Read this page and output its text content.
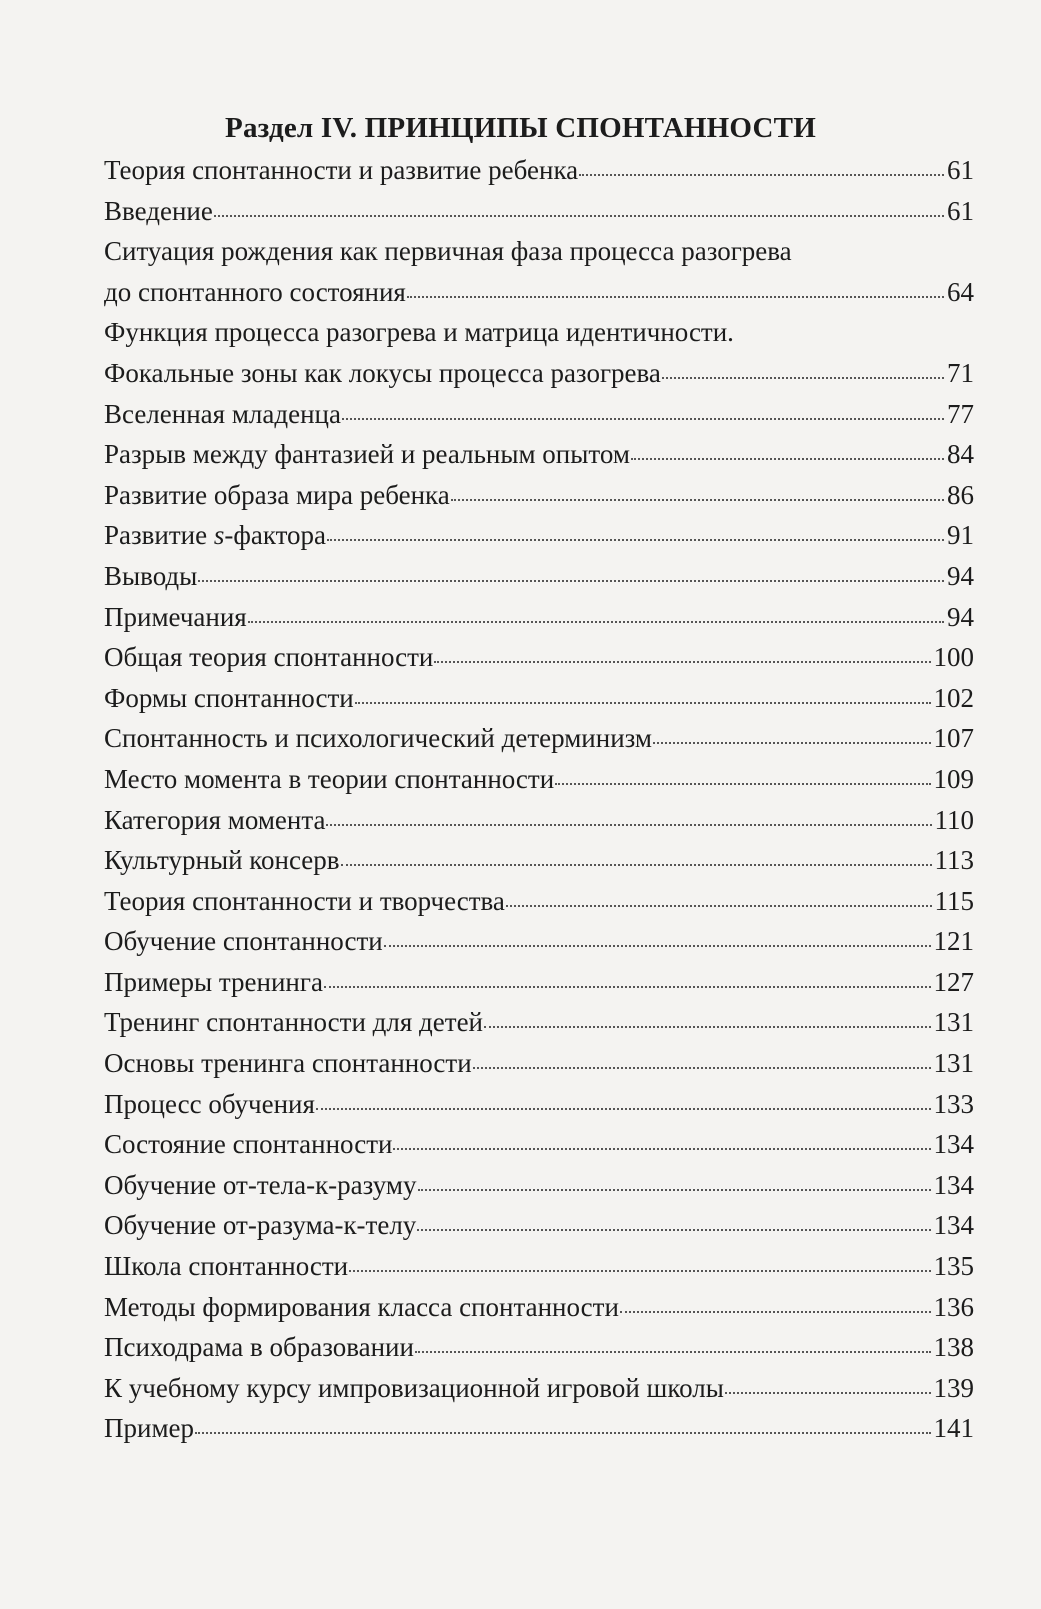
Раздел IV. ПРИНЦИПЫ СПОНТАННОСТИ
Теория спонтанности и развитие ребенка	61
Введение	61
Ситуация рождения как первичная фаза процесса разогрева
до спонтанного состояния	64
Функция процесса разогрева и матрица идентичности.
Фокальные зоны как локусы процесса разогрева	71
Вселенная младенца	77
Разрыв между фантазией и реальным опытом	84
Развитие образа мира ребенка	86
Развитие s-фактора	91
Выводы	94
Примечания	94
Общая теория спонтанности	100
Формы спонтанности	102
Спонтанность и психологический детерминизм	107
Место момента в теории спонтанности	109
Категория момента	110
Культурный консерв	113
Теория спонтанности и творчества	115
Обучение спонтанности	121
Примеры тренинга	127
Тренинг спонтанности для детей	131
Основы тренинга спонтанности	131
Процесс обучения	133
Состояние спонтанности	134
Обучение от-тела-к-разуму	134
Обучение от-разума-к-телу	134
Школа спонтанности	135
Методы формирования класса спонтанности	136
Психодрама в образовании	138
К учебному курсу импровизационной игровой школы	139
Пример	141
